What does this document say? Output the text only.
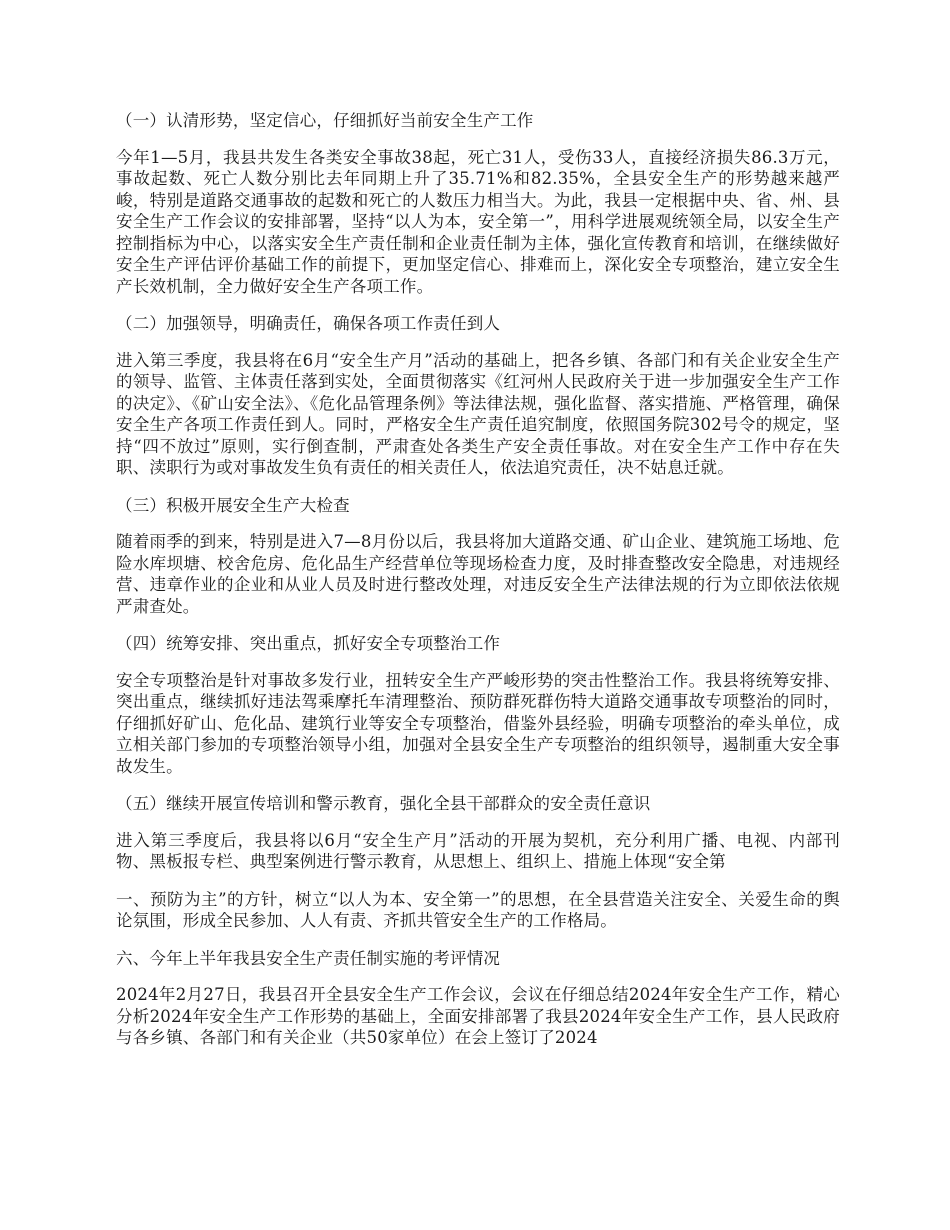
（一）认清形势，坚定信心，仔细抓好当前安全生产工作

今年1—5月，我县共发生各类安全事故38起，死亡31人，受伤33人，直接经济损失86.3万元，事故起数、死亡人数分别比去年同期上升了35.71%和82.35%，全县安全生产的形势越来越严峻，特别是道路交通事故的起数和死亡的人数压力相当大。为此，我县一定根据中央、省、州、县安全生产工作会议的安排部署，坚持“以人为本，安全第一”，用科学进展观统领全局，以安全生产控制指标为中心，以落实安全生产责任制和企业责任制为主体，强化宣传教育和培训，在继续做好安全生产评估评价基础工作的前提下，更加坚定信心、排难而上，深化安全专项整治，建立安全生产长效机制，全力做好安全生产各项工作。

（二）加强领导，明确责任，确保各项工作责任到人

进入第三季度，我县将在6月“安全生产月”活动的基础上，把各乡镇、各部门和有关企业安全生产的领导、监管、主体责任落到实处，全面贯彻落实《红河州人民政府关于进一步加强安全生产工作的决定》、《矿山安全法》、《危化品管理条例》等法律法规，强化监督、落实措施、严格管理，确保安全生产各项工作责任到人。同时，严格安全生产责任追究制度，依照国务院302号令的规定，坚持“四不放过”原则，实行倒查制，严肃查处各类生产安全责任事故。对在安全生产工作中存在失职、渎职行为或对事故发生负有责任的相关责任人，依法追究责任，决不姑息迁就。

（三）积极开展安全生产大检查

随着雨季的到来，特别是进入7—8月份以后，我县将加大道路交通、矿山企业、建筑施工场地、危险水库坝塘、校舍危房、危化品生产经营单位等现场检查力度，及时排查整改安全隐患，对违规经营、违章作业的企业和从业人员及时进行整改处理，对违反安全生产法律法规的行为立即依法依规严肃查处。

（四）统筹安排、突出重点，抓好安全专项整治工作

安全专项整治是针对事故多发行业，扭转安全生产严峻形势的突击性整治工作。我县将统筹安排、突出重点，继续抓好违法驾乘摩托车清理整治、预防群死群伤特大道路交通事故专项整治的同时，仔细抓好矿山、危化品、建筑行业等安全专项整治，借鉴外县经验，明确专项整治的牵头单位，成立相关部门参加的专项整治领导小组，加强对全县安全生产专项整治的组织领导，遏制重大安全事故发生。

（五）继续开展宣传培训和警示教育，强化全县干部群众的安全责任意识

进入第三季度后，我县将以6月“安全生产月”活动的开展为契机，充分利用广播、电视、内部刊物、黑板报专栏、典型案例进行警示教育，从思想上、组织上、措施上体现“安全第

一、预防为主”的方针，树立“以人为本、安全第一”的思想，在全县营造关注安全、关爱生命的舆论氛围，形成全民参加、人人有责、齐抓共管安全生产的工作格局。

六、今年上半年我县安全生产责任制实施的考评情况

2024年2月27日，我县召开全县安全生产工作会议，会议在仔细总结2024年安全生产工作，精心分析2024年安全生产工作形势的基础上，全面安排部署了我县2024年安全生产工作，县人民政府与各乡镇、各部门和有关企业（共50家单位）在会上签订了2024
